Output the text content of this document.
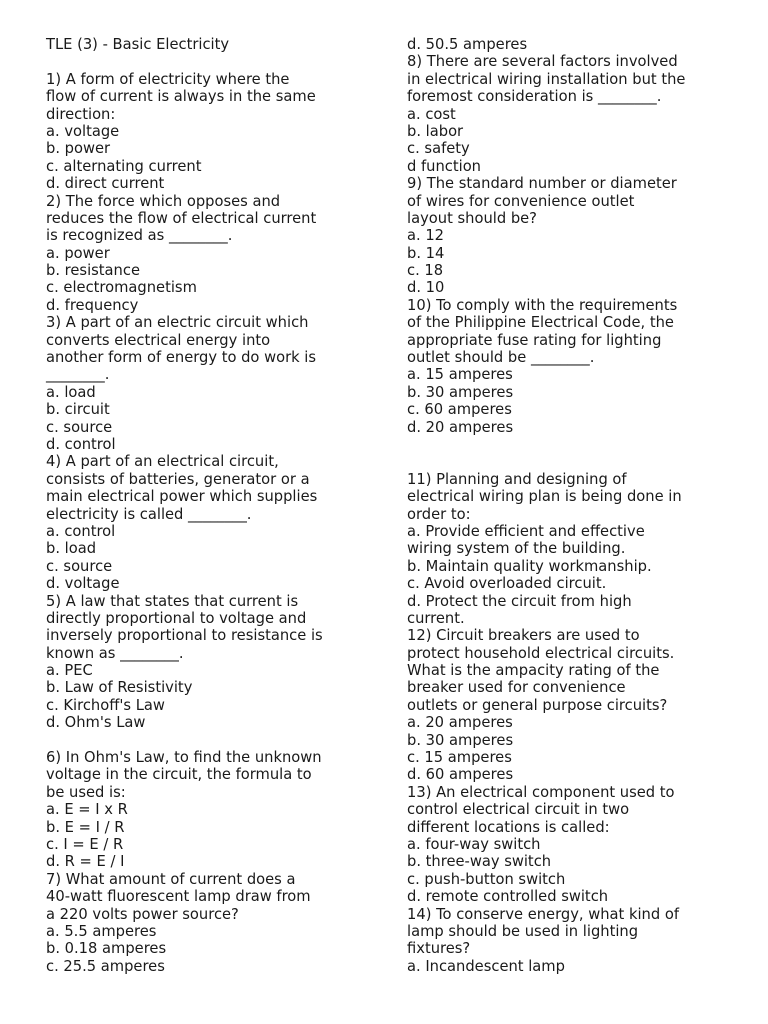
TLE (3) - Basic Electricity
1) A form of electricity where the
flow of current is always in the same
direction:
a. voltage
b. power
c. alternating current
d. direct current
2) The force which opposes and
reduces the flow of electrical current
is recognized as ________.
a. power
b. resistance
c. electromagnetism
d. frequency
3) A part of an electric circuit which
converts electrical energy into
another form of energy to do work is
________.
a. load
b. circuit
c. source
d. control
4) A part of an electrical circuit,
consists of batteries, generator or a
main electrical power which supplies
electricity is called ________.
a. control
b. load
c. source
d. voltage
5) A law that states that current is
directly proportional to voltage and
inversely proportional to resistance is
known as ________.
a. PEC
b. Law of Resistivity
c. Kirchoff's Law
d. Ohm's Law
6) In Ohm's Law, to find the unknown
voltage in the circuit, the formula to
be used is:
a. E = I x R
b. E = I / R
c. I = E / R
d. R = E / I
7) What amount of current does a
40-watt fluorescent lamp draw from
a 220 volts power source?
a. 5.5 amperes
b. 0.18 amperes
c. 25.5 amperes
d. 50.5 amperes
8) There are several factors involved
in electrical wiring installation but the
foremost consideration is ________.
a. cost
b. labor
c. safety
d function
9) The standard number or diameter
of wires for convenience outlet
layout should be?
a. 12
b. 14
c. 18
d. 10
10) To comply with the requirements
of the Philippine Electrical Code, the
appropriate fuse rating for lighting
outlet should be ________.
a. 15 amperes
b. 30 amperes
c. 60 amperes
d. 20 amperes
11) Planning and designing of
electrical wiring plan is being done in
order to:
a. Provide efficient and effective
wiring system of the building.
b. Maintain quality workmanship.
c. Avoid overloaded circuit.
d. Protect the circuit from high
current.
12) Circuit breakers are used to
protect household electrical circuits.
What is the ampacity rating of the
breaker used for convenience
outlets or general purpose circuits?
a. 20 amperes
b. 30 amperes
c. 15 amperes
d. 60 amperes
13) An electrical component used to
control electrical circuit in two
different locations is called:
a. four-way switch
b. three-way switch
c. push-button switch
d. remote controlled switch
14) To conserve energy, what kind of
lamp should be used in lighting
fixtures?
a. Incandescent lamp
